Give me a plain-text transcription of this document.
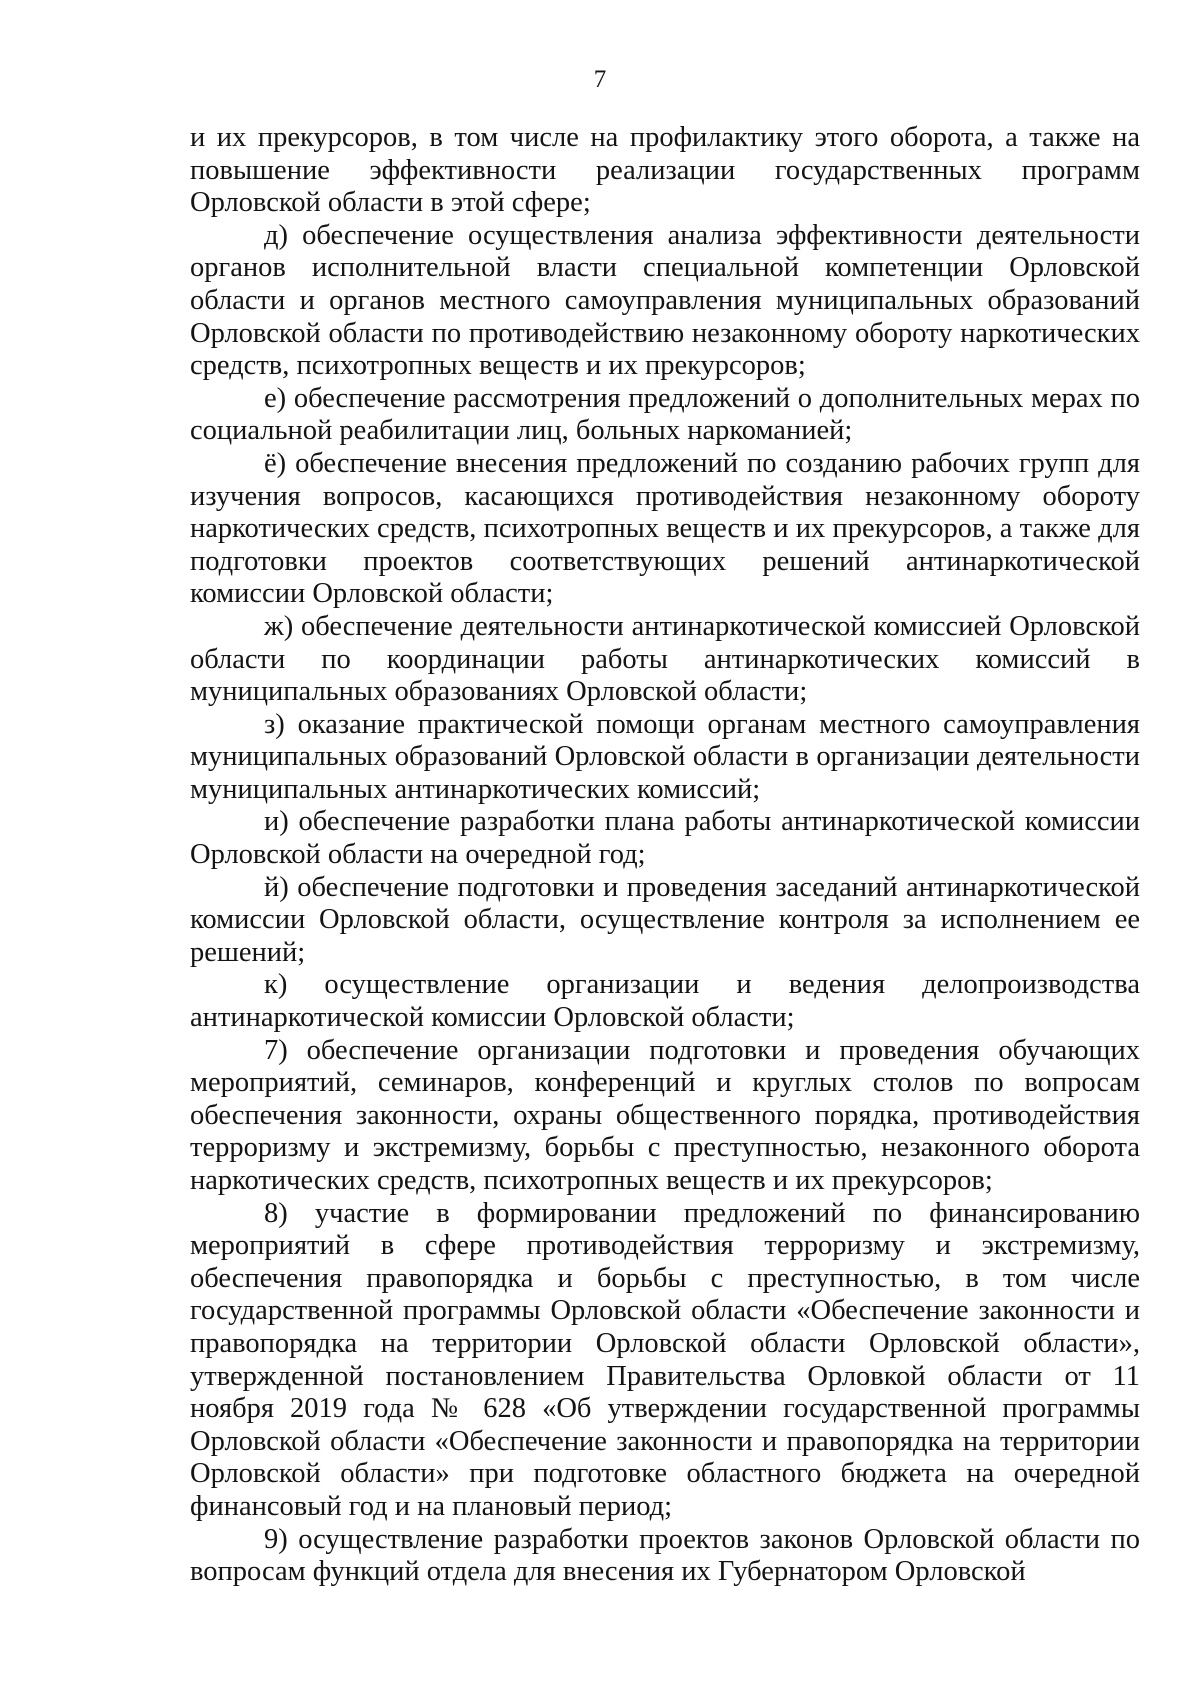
7

и их прекурсоров, в том числе на профилактику этого оборота, а также на повышение эффективности реализации государственных программ Орловской области в этой сфере;

д) обеспечение осуществления анализа эффективности деятельности органов исполнительной власти специальной компетенции Орловской области и органов местного самоуправления муниципальных образований Орловской области по противодействию незаконному обороту наркотических средств, психотропных веществ и их прекурсоров;

е) обеспечение рассмотрения предложений о дополнительных мерах по социальной реабилитации лиц, больных наркоманией;

ё) обеспечение внесения предложений по созданию рабочих групп для изучения вопросов, касающихся противодействия незаконному обороту наркотических средств, психотропных веществ и их прекурсоров, а также для подготовки проектов соответствующих решений антинаркотической комиссии Орловской области;

ж) обеспечение деятельности антинаркотической комиссией Орловской области по координации работы антинаркотических комиссий в муниципальных образованиях Орловской области;

з) оказание практической помощи органам местного самоуправления муниципальных образований Орловской области в организации деятельности муниципальных антинаркотических комиссий;

и) обеспечение разработки плана работы антинаркотической комиссии Орловской области на очередной год;

й) обеспечение подготовки и проведения заседаний антинаркотической комиссии Орловской области, осуществление контроля за исполнением ее решений;

к) осуществление организации и ведения делопроизводства антинаркотической комиссии Орловской области;

7) обеспечение организации подготовки и проведения обучающих мероприятий, семинаров, конференций и круглых столов по вопросам обеспечения законности, охраны общественного порядка, противодействия терроризму и экстремизму, борьбы с преступностью, незаконного оборота наркотических средств, психотропных веществ и их прекурсоров;

8) участие в формировании предложений по финансированию мероприятий в сфере противодействия терроризму и экстремизму, обеспечения правопорядка и борьбы с преступностью, в том числе государственной программы Орловской области «Обеспечение законности и правопорядка на территории Орловской области Орловской области», утвержденной постановлением Правительства Орловкой области от 11 ноября 2019 года № 628 «Об утверждении государственной программы Орловской области «Обеспечение законности и правопорядка на территории Орловской области» при подготовке областного бюджета на очередной финансовый год и на плановый период;

9) осуществление разработки проектов законов Орловской области по вопросам функций отдела для внесения их Губернатором Орловской
